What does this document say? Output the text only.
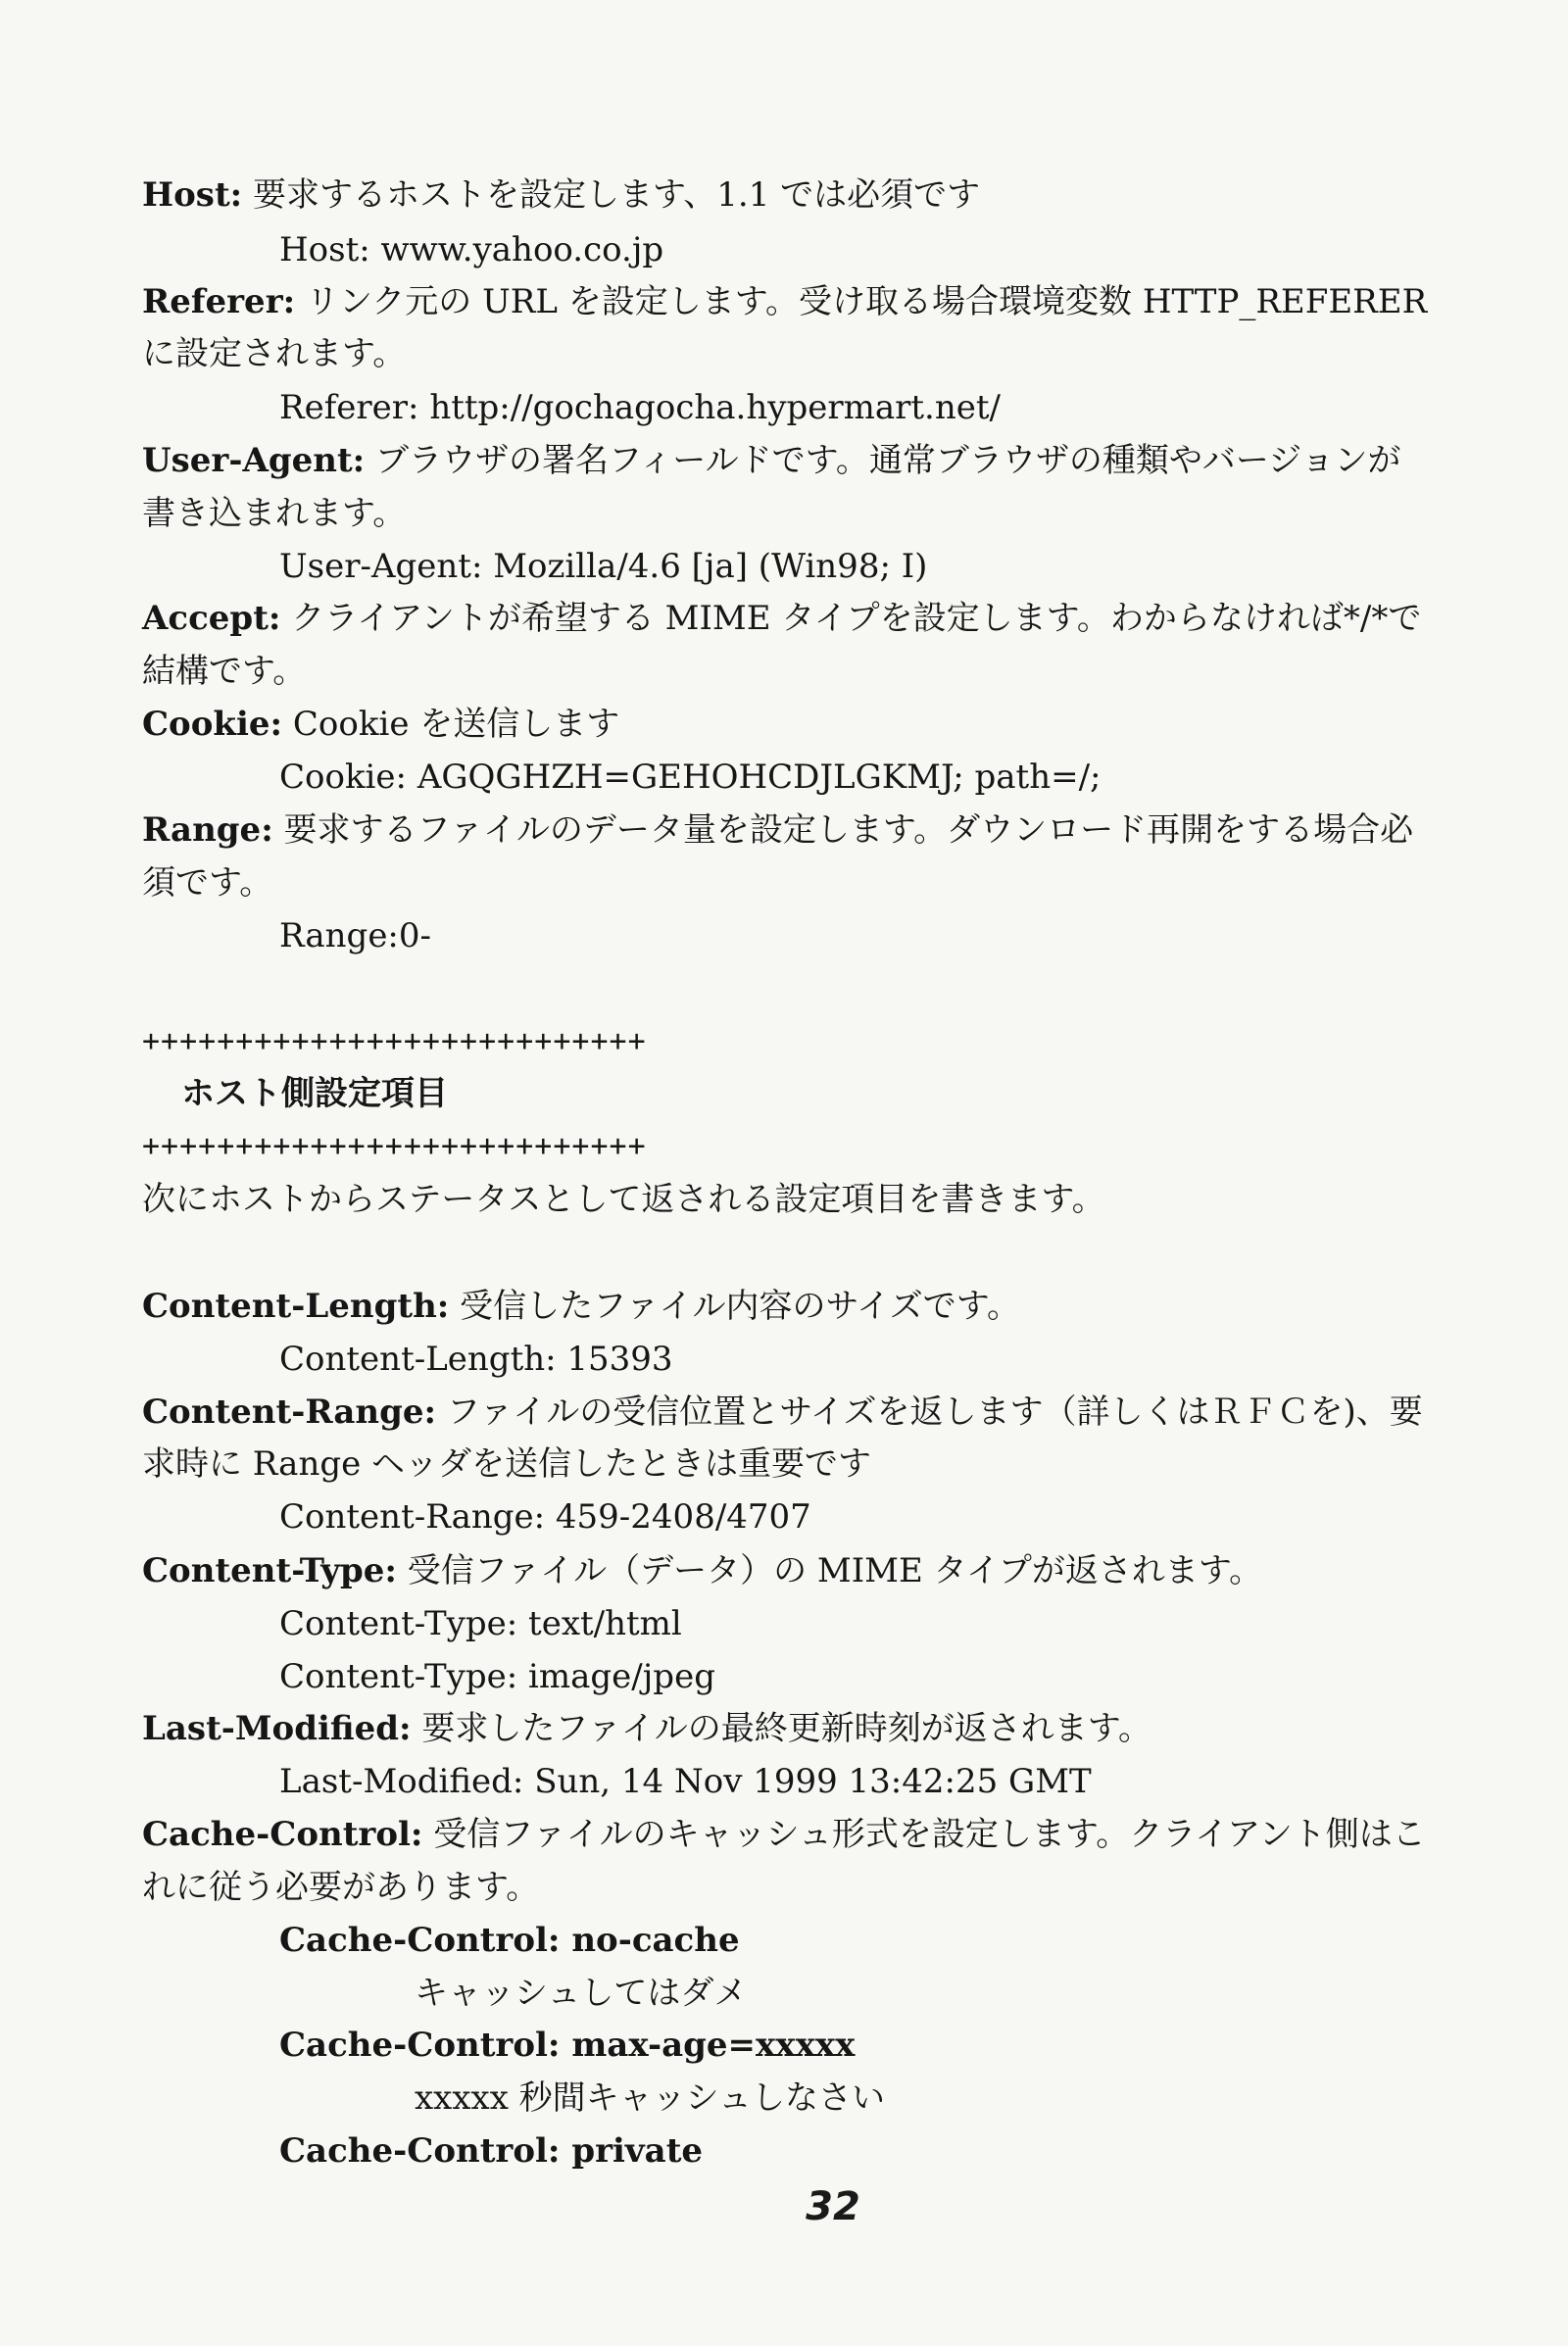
Host: 要求するホストを設定します、1.1 では必須です
Host: www.yahoo.co.jp
Referer: リンク元の URL を設定します。受け取る場合環境変数 HTTP_REFERER
に設定されます。
Referer: http://gochagocha.hypermart.net/
User-Agent: ブラウザの署名フィールドです。通常ブラウザの種類やバージョンが
書き込まれます。
User-Agent: Mozilla/4.6 [ja] (Win98; I)
Accept: クライアントが希望する MIME タイプを設定します。わからなければ*/*で
結構です。
Cookie: Cookie を送信します
Cookie: AGQGHZH=GEHOHCDJLGKMJ; path=/;
Range: 要求するファイルのデータ量を設定します。ダウンロード再開をする場合必
須です。
Range:0-
+++++++++++++++++++++++++++
ホスト側設定項目
+++++++++++++++++++++++++++
次にホストからステータスとして返される設定項目を書きます。
Content-Length: 受信したファイル内容のサイズです。
Content-Length: 15393
Content-Range: ファイルの受信位置とサイズを返します（詳しくはＲＦＣを)、要
求時に Range ヘッダを送信したときは重要です
Content-Range: 459-2408/4707
Content-Type: 受信ファイル（データ）の MIME タイプが返されます。
Content-Type: text/html
Content-Type: image/jpeg
Last-Modified: 要求したファイルの最終更新時刻が返されます。
Last-Modified: Sun, 14 Nov 1999 13:42:25 GMT
Cache-Control: 受信ファイルのキャッシュ形式を設定します。クライアント側はこ
れに従う必要があります。
Cache-Control: no-cache
キャッシュしてはダメ
Cache-Control: max-age=xxxxx
xxxxx 秒間キャッシュしなさい
Cache-Control: private
32
